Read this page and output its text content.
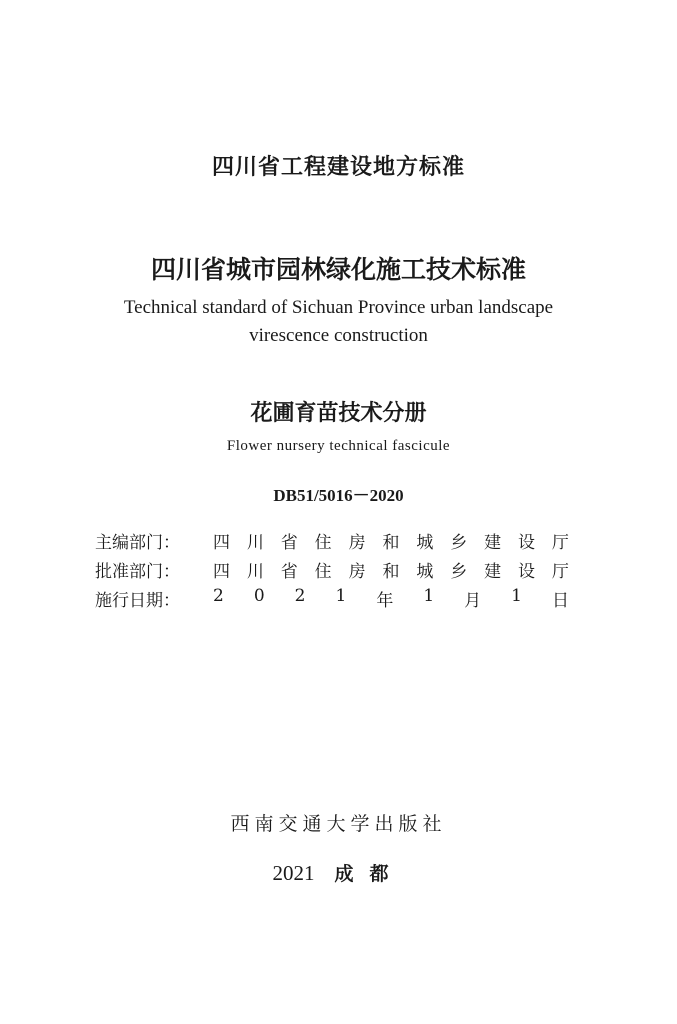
四川省工程建设地方标准
四川省城市园林绿化施工技术标准
Technical standard of Sichuan Province urban landscape
virescence construction
花圃育苗技术分册
Flower nursery technical fascicule
DB51/5016－2020
主编部门：	四 川 省 住 房 和 城 乡 建 设 厅
批准部门：	四 川 省 住 房 和 城 乡 建 设 厅
施行日期：	2 0 2 1 年 1 月 1 日
西南交通大学出版社
2021 成都
